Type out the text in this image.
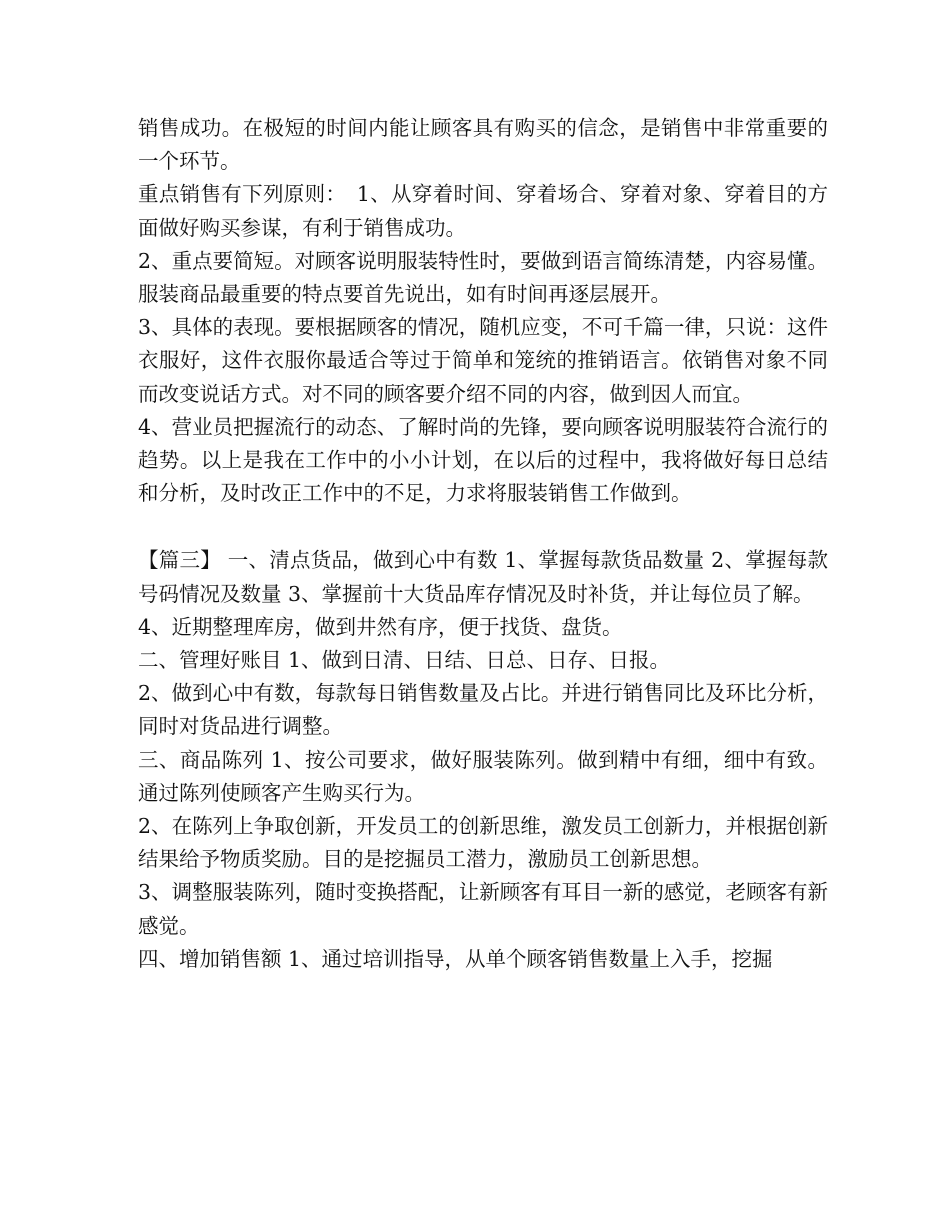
销售成功。在极短的时间内能让顾客具有购买的信念，是销售中非常重要的一个环节。

重点销售有下列原则：　1、从穿着时间、穿着场合、穿着对象、穿着目的方面做好购买参谋，有利于销售成功。

2、重点要简短。对顾客说明服装特性时，要做到语言简练清楚，内容易懂。服装商品最重要的特点要首先说出，如有时间再逐层展开。

3、具体的表现。要根据顾客的情况，随机应变，不可千篇一律，只说：这件衣服好，这件衣服你最适合等过于简单和笼统的推销语言。依销售对象不同而改变说话方式。对不同的顾客要介绍不同的内容，做到因人而宜。

4、营业员把握流行的动态、了解时尚的先锋，要向顾客说明服装符合流行的趋势。以上是我在工作中的小小计划，在以后的过程中，我将做好每日总结和分析，及时改正工作中的不足，力求将服装销售工作做到。

【篇三】 一、清点货品，做到心中有数 1、掌握每款货品数量 2、掌握每款号码情况及数量 3、掌握前十大货品库存情况及时补货，并让每位员了解。

4、近期整理库房，做到井然有序，便于找货、盘货。

二、管理好账目 1、做到日清、日结、日总、日存、日报。

2、做到心中有数，每款每日销售数量及占比。并进行销售同比及环比分析，同时对货品进行调整。

三、商品陈列 1、按公司要求，做好服装陈列。做到精中有细，细中有致。通过陈列使顾客产生购买行为。

2、在陈列上争取创新，开发员工的创新思维，激发员工创新力，并根据创新结果给予物质奖励。目的是挖掘员工潜力，激励员工创新思想。

3、调整服装陈列，随时变换搭配，让新顾客有耳目一新的感觉，老顾客有新感觉。

四、增加销售额 1、通过培训指导，从单个顾客销售数量上入手，挖掘
